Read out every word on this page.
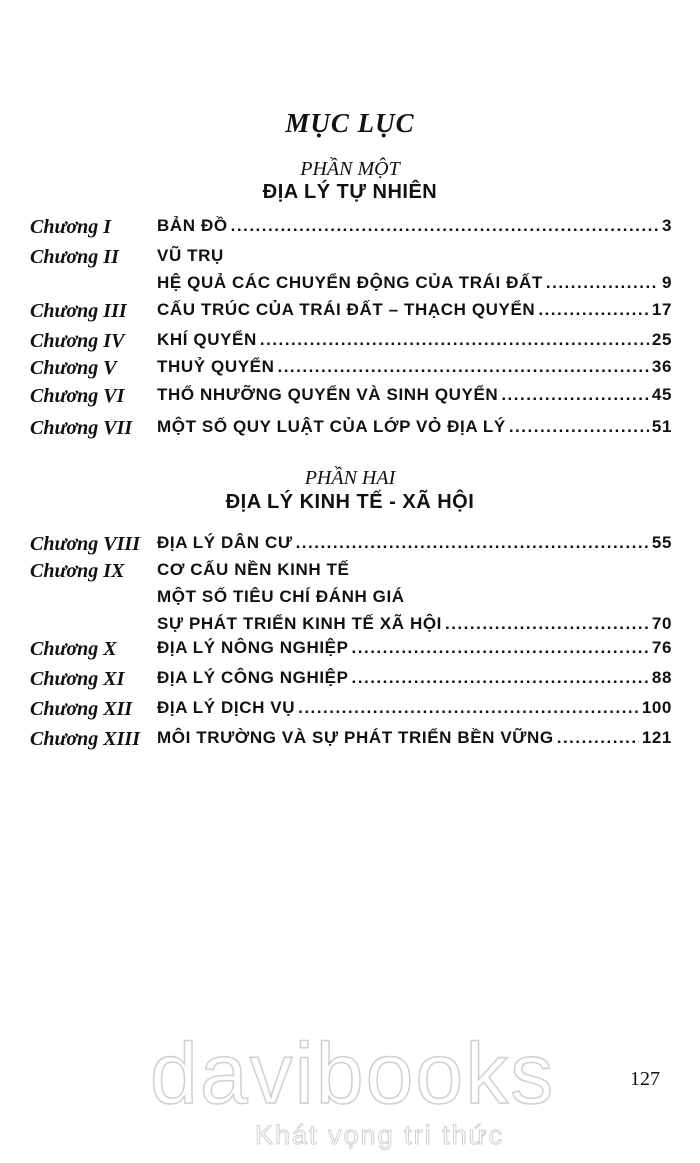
MỤC LỤC
PHẦN MỘT
ĐỊA LÝ TỰ NHIÊN
Chương I	BẢN ĐỒ .....	3
Chương II VŨ TRỤ
HỆ QUẢ CÁC CHUYỂN ĐỘNG CỦA TRÁI ĐẤT .....	9
Chương III CẤU TRÚC CỦA TRÁI ĐẤT – THẠCH QUYỂN .....	17
Chương IV KHÍ QUYỂN .....	25
Chương V THUỶ QUYỂN .....	36
Chương VI THỔ NHƯỠNG QUYỂN VÀ SINH QUYỂN .....	45
Chương VII MỘT SỐ QUY LUẬT CỦA LỚP VỎ ĐỊA LÝ .....	51
PHẦN HAI
ĐỊA LÝ KINH TẾ - XÃ HỘI
Chương VIII ĐỊA LÝ DÂN CƯ .....	55
Chương IX CƠ CẤU NỀN KINH TẾ
MỘT SỐ TIÊU CHÍ ĐÁNH GIÁ
SỰ PHÁT TRIỂN KINH TẾ XÃ HỘI .....	70
Chương X ĐỊA LÝ NÔNG NGHIỆP .....	76
Chương XI ĐỊA LÝ CÔNG NGHIỆP .....	88
Chương XII ĐỊA LÝ DỊCH VỤ .....	100
Chương XIII MÔI TRƯỜNG VÀ SỰ PHÁT TRIỂN BỀN VỮNG .....	121
127
davibooks
Khát vọng tri thức
